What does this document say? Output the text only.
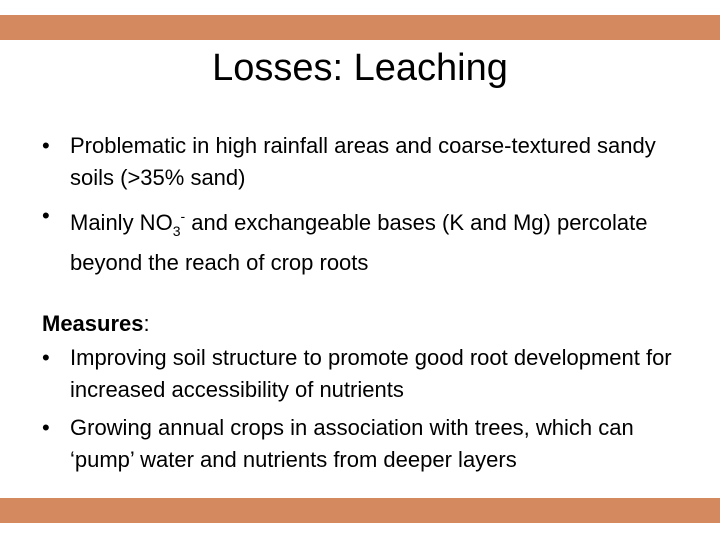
Losses: Leaching
• Problematic in high rainfall areas and coarse-textured sandy soils (>35% sand)
• Mainly $NO_3^-$ and exchangeable bases (K and Mg) percolate beyond the reach of crop roots
Measures:
• Improving soil structure to promote good root development for increased accessibility of nutrients
• Growing annual crops in association with trees, which can ‘pump’ water and nutrients from deeper layers
